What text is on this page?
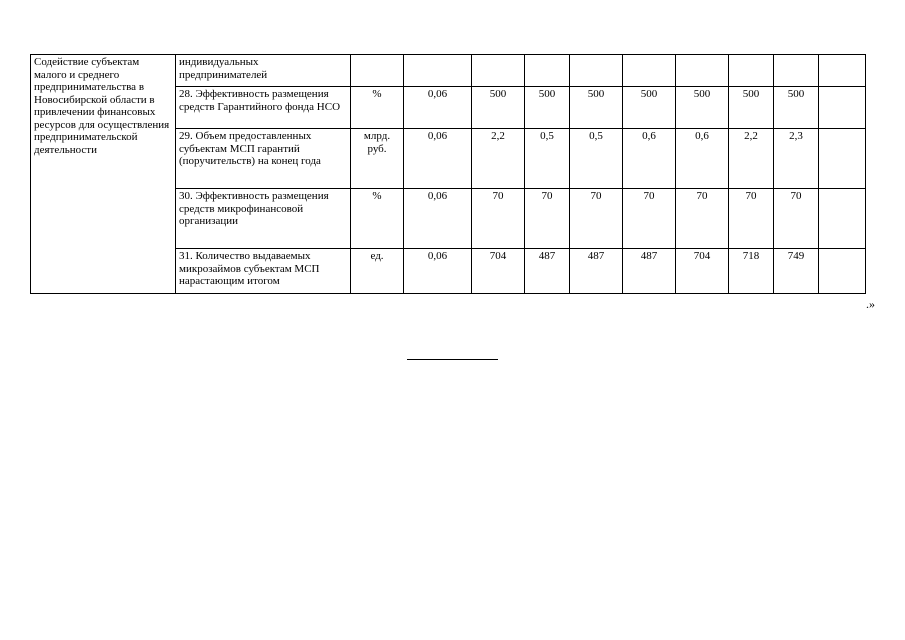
Содействие субъектам малого и среднего предпринимательства в Новосибирской области в привлечении финансовых ресурсов для осуществления предпринимательской деятельности	индивидуальных предпринимателей										
	28. Эффективность размещения средств Гарантийного фонда НСО	%	0,06	500	500	500	500	500	500	500	
	29. Объем предоставленных субъектам МСП гарантий (поручительств) на конец года	млрд. руб.	0,06	2,2	0,5	0,5	0,6	0,6	2,2	2,3	
	30. Эффективность размещения средств микрофинансовой организации	%	0,06	70	70	70	70	70	70	70	
	31. Количество выдаваемых микрозаймов субъектам МСП нарастающим итогом	ед.	0,06	704	487	487	487	704	718	749	
.»
